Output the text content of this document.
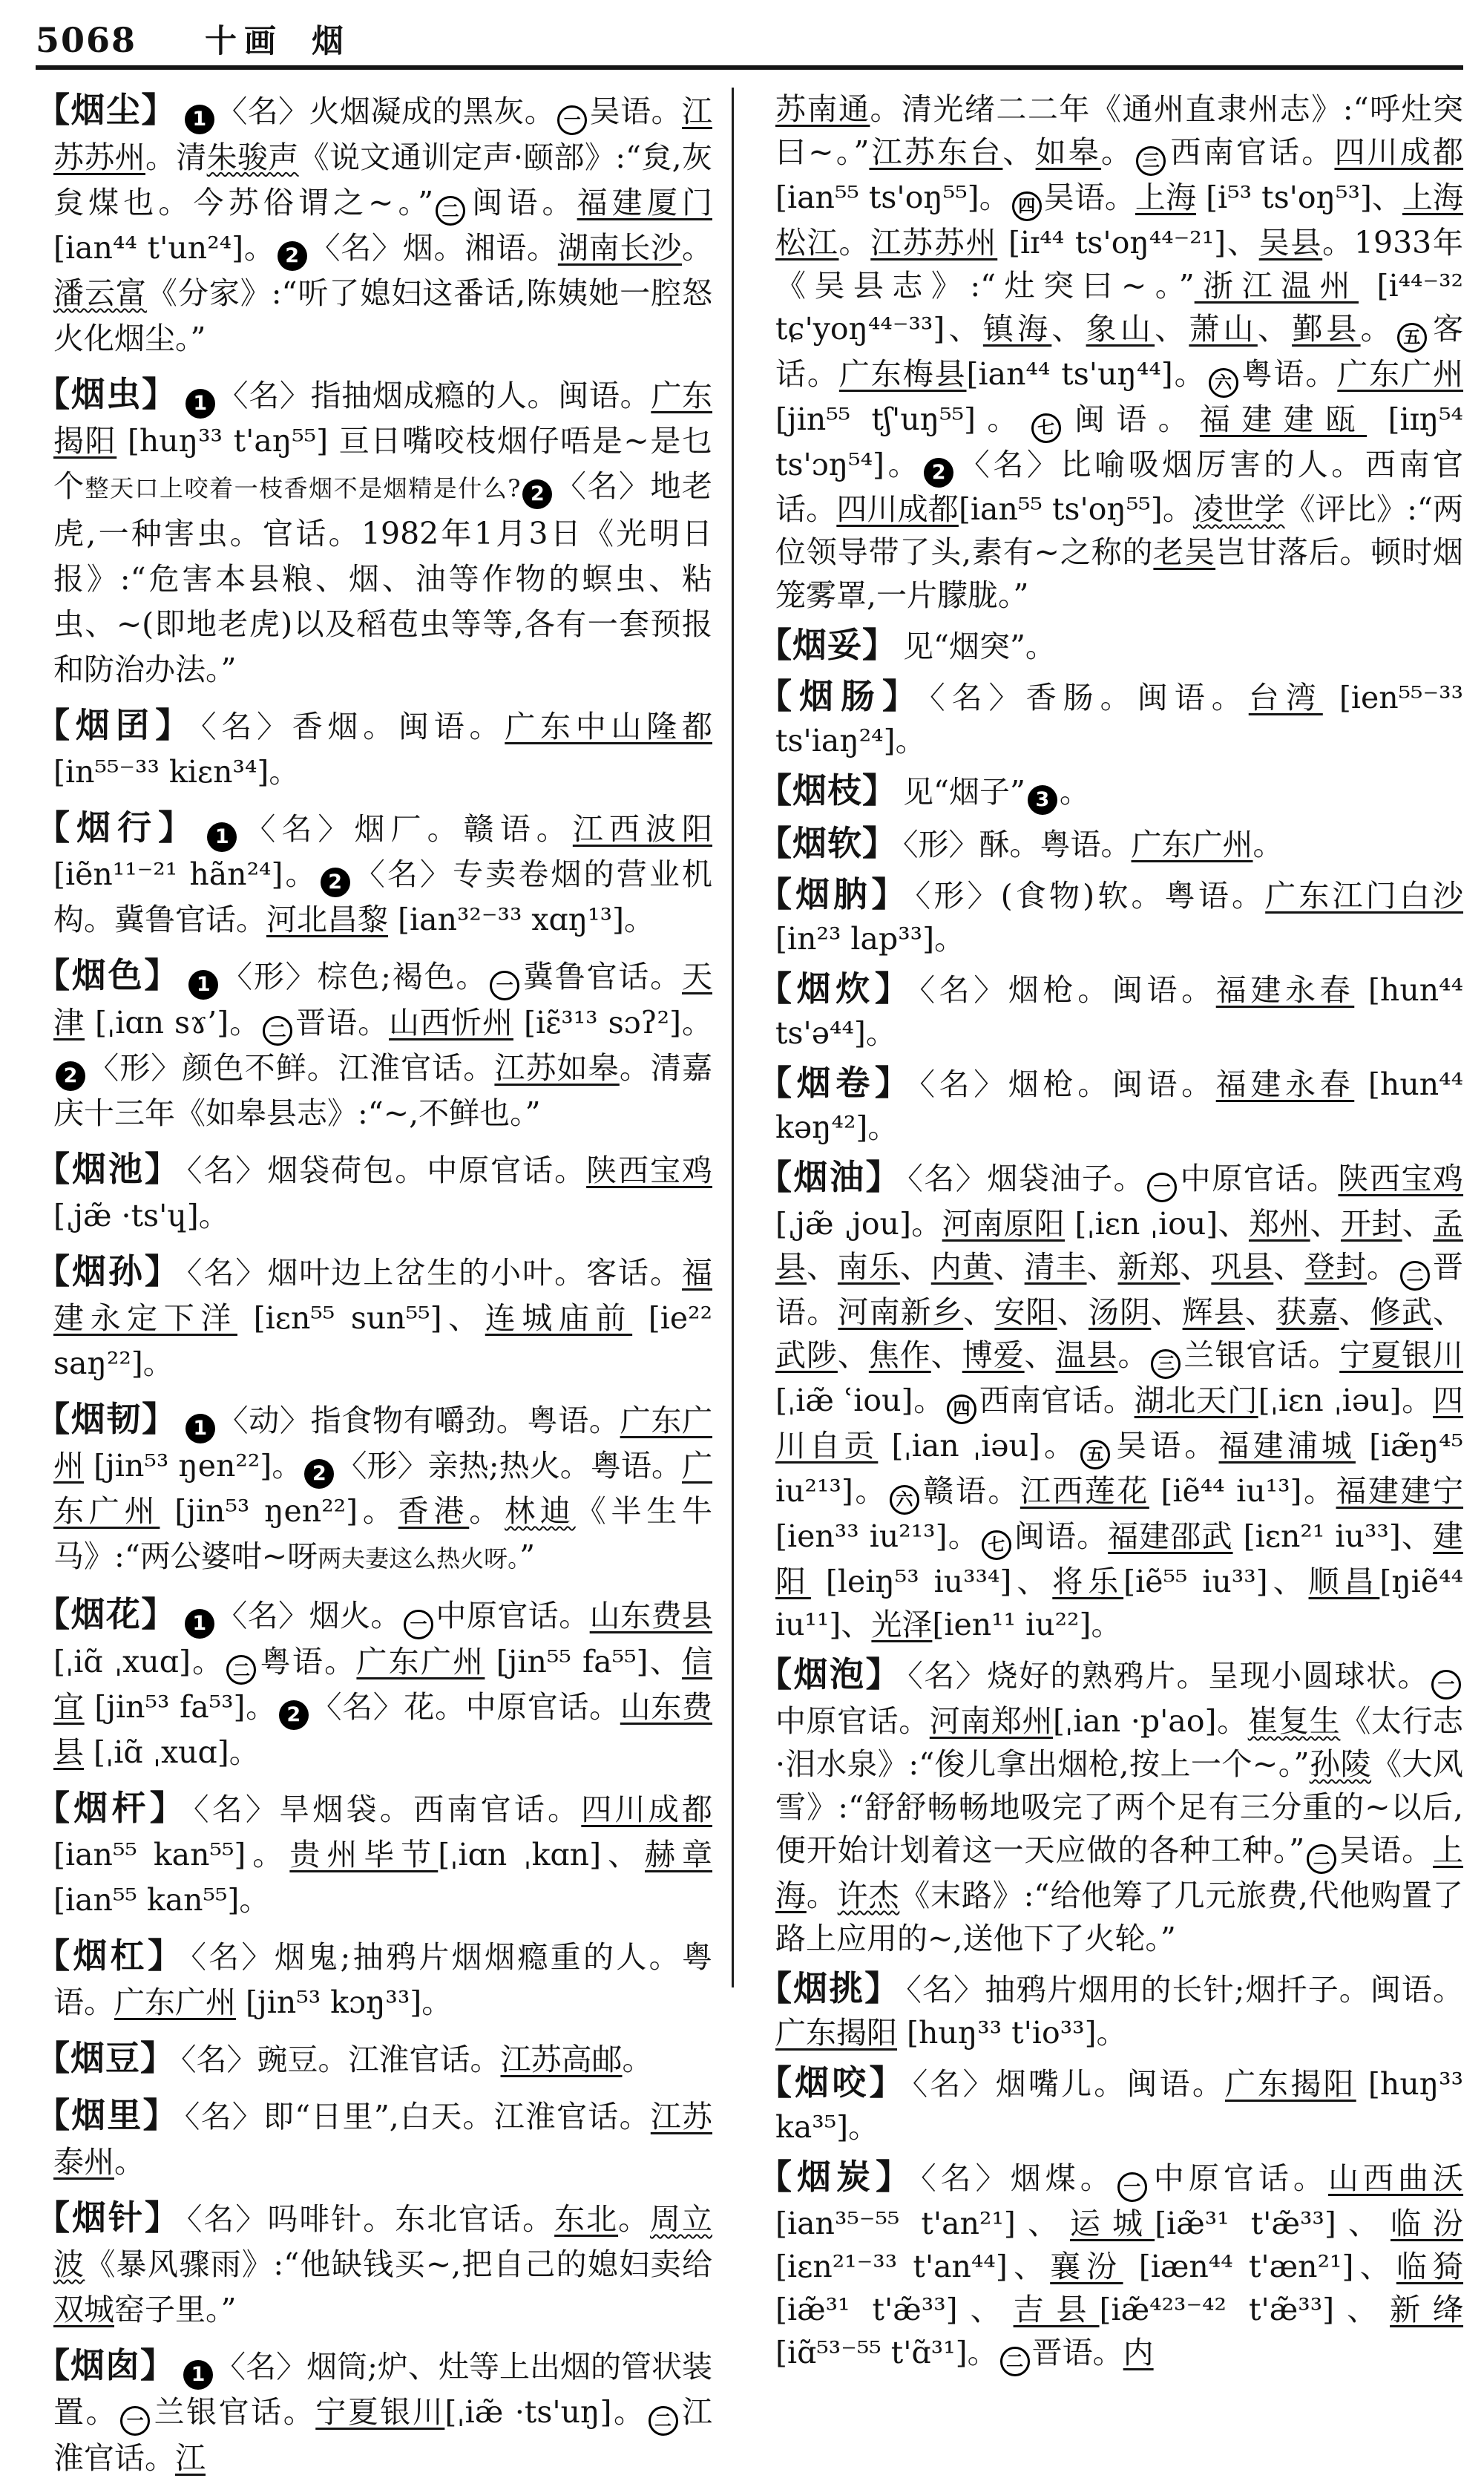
5068 十画 烟
【烟尘】 1 〈名〉火烟凝成的黑灰。 一 吴语。江苏苏州。清朱骏声《说文通训定声·颐部》:“炱,灰炱煤也。今苏俗谓之~。” 二 闽语。福建厦门 [ian⁴⁴ t'un²⁴]。 2 〈名〉烟。湘语。湖南长沙。潘云富《分家》:“听了媳妇这番话,陈姨她一腔怒火化烟尘。”
【烟虫】 1 〈名〉指抽烟成瘾的人。闽语。广东揭阳 [huŋ³³ t'aŋ⁵⁵] 亘日嘴咬枝烟仔唔是~是乜个整天口上咬着一枝香烟不是烟精是什么? 2 〈名〉地老虎,一种害虫。官话。1982年1月3日《光明日报》:“危害本县粮、烟、油等作物的螟虫、粘虫、~(即地老虎)以及稻苞虫等等,各有一套预报和防治办法。”
【烟囝】 〈名〉香烟。闽语。广东中山隆都 [in⁵⁵⁻³³ kiɛn³⁴]。
【烟行】 1 〈名〉烟厂。赣语。江西波阳 [iẽn¹¹⁻²¹ hãn²⁴]。 2 〈名〉专卖卷烟的营业机构。冀鲁官话。河北昌黎 [ian³²⁻³³ xɑŋ¹³]。
【烟色】 1 〈形〉棕色;褐色。 一 冀鲁官话。天津 [ˌiɑn sɤ’]。 二 晋语。山西忻州 [iɛ̃³¹³ sɔʔ²]。2 〈形〉颜色不鲜。江淮官话。江苏如皋。清嘉庆十三年《如皋县志》:“~,不鲜也。”
【烟池】 〈名〉烟袋荷包。中原官话。陕西宝鸡 [ˌjæ̃ ·ts'ɥ]。
【烟孙】 〈名〉烟叶边上岔生的小叶。客话。福建永定下洋 [iɛn⁵⁵ sun⁵⁵]、连城庙前 [ie²² saŋ²²]。
【烟韧】 1 〈动〉指食物有嚼劲。粤语。广东广州 [jin⁵³ ŋen²²]。 2 〈形〉亲热;热火。粤语。广东广州 [jin⁵³ ŋen²²]。香港。林迪《半生牛马》:“两公婆咁~呀两夫妻这么热火呀。”
【烟花】 1 〈名〉烟火。 一 中原官话。山东费县[ˌiɑ̃ ˌxuɑ]。 二 粤语。广东广州 [jin⁵⁵ fa⁵⁵]、信宜 [jin⁵³ fa⁵³]。 2 〈名〉花。中原官话。山东费县 [ˌiɑ̃ ˌxuɑ]。
【烟杆】 〈名〉旱烟袋。西南官话。四川成都 [ian⁵⁵ kan⁵⁵]。贵州毕节[ˌiɑn ˌkɑn]、赫章[ian⁵⁵ kan⁵⁵]。
【烟杠】 〈名〉烟鬼;抽鸦片烟烟瘾重的人。粤语。广东广州 [jin⁵³ kɔŋ³³]。
【烟豆】 〈名〉豌豆。江淮官话。江苏高邮。
【烟里】 〈名〉即“日里”,白天。江淮官话。江苏泰州。
【烟针】 〈名〉吗啡针。东北官话。东北。周立波《暴风骤雨》:“他缺钱买~,把自己的媳妇卖给双城窑子里。”
【烟囱】 1 〈名〉烟筒;炉、灶等上出烟的管状装置。 一 兰银官话。宁夏银川[ˌiæ̃ ·ts'uŋ]。 二 江淮官话。江
苏南通。清光绪二二年《通州直隶州志》:“呼灶突曰~。”江苏东台、如皋。 三 西南官话。四川成都[ian⁵⁵ ts'oŋ⁵⁵]。 四 吴语。上海 [i⁵³ ts'oŋ⁵³]、上海松江。江苏苏州 [iɪ⁴⁴ ts'oŋ⁴⁴⁻²¹]、吴县。1933年《吴县志》:“灶突曰~。”浙江温州 [i⁴⁴⁻³² tɕ'yoŋ⁴⁴⁻³³]、镇海、象山、萧山、鄞县。 五 客话。广东梅县[ian⁴⁴ ts'uŋ⁴⁴]。 六 粤语。广东广州 [jin⁵⁵ tʃ'uŋ⁵⁵]。 七 闽语。福建建瓯 [iɪŋ⁵⁴ ts'ɔŋ⁵⁴]。 2 〈名〉比喻吸烟厉害的人。西南官话。四川成都[ian⁵⁵ ts'oŋ⁵⁵]。凌世学《评比》:“两位领导带了头,素有~之称的老吴岂甘落后。顿时烟笼雾罩,一片朦胧。”
【烟妥】 见“烟突”。
【烟肠】 〈名〉香肠。闽语。台湾 [ien⁵⁵⁻³³ ts'iaŋ²⁴]。
【烟枝】 见“烟子” 3 。
【烟软】 〈形〉酥。粤语。广东广州。
【烟肭】 〈形〉(食物)软。粤语。广东江门白沙 [in²³ lap³³]。
【烟炊】 〈名〉烟枪。闽语。福建永春 [hun⁴⁴ ts'ə⁴⁴]。
【烟卷】 〈名〉烟枪。闽语。福建永春 [hun⁴⁴ kəŋ⁴²]。
【烟油】 〈名〉烟袋油子。 一 中原官话。陕西宝鸡 [ˌjæ̃ ˌjou]。河南原阳 [ˌiɛn ˌiou]、郑州、开封、孟县、南乐、内黄、清丰、新郑、巩县、登封。 二 晋语。河南新乡、安阳、汤阴、辉县、获嘉、修武、武陟、焦作、博爱、温县。 三 兰银官话。宁夏银川[ˌiæ̃ ʿiou]。 四 西南官话。湖北天门[ˌiɛn ˌiəu]。四川自贡 [ˌian ˌiəu]。 五 吴语。福建浦城 [iæ̃ŋ⁴⁵ iu²¹³]。 六 赣语。江西莲花 [iẽ⁴⁴ iu¹³]。福建建宁[ien³³ iu²¹³]。 七 闽语。福建邵武 [iɛn²¹ iu³³]、建阳 [leiŋ⁵³ iu³³⁴]、将乐[iẽ⁵⁵ iu³³]、顺昌[ŋiẽ⁴⁴ iu¹¹]、光泽[ien¹¹ iu²²]。
【烟泡】 〈名〉烧好的熟鸦片。呈现小圆球状。 一中原官话。河南郑州[ˌian ·p'ao]。崔复生《太行志·泪水泉》:“俊儿拿出烟枪,按上一个~。”孙陵《大风雪》:“舒舒畅畅地吸完了两个足有三分重的~以后,便开始计划着这一天应做的各种工种。” 二 吴语。上海。许杰《末路》:“给他筹了几元旅费,代他购置了路上应用的~,送他下了火轮。”
【烟挑】 〈名〉抽鸦片烟用的长针;烟扦子。闽语。广东揭阳 [huŋ³³ t'io³³]。
【烟咬】 〈名〉烟嘴儿。闽语。广东揭阳 [huŋ³³ ka³⁵]。
【烟炭】 〈名〉烟煤。 一 中原官话。山西曲沃 [ian³⁵⁻⁵⁵ t'an²¹]、运城[iæ̃³¹ t'æ̃³³]、临汾[iɛn²¹⁻³³ t'an⁴⁴]、襄汾 [iæn⁴⁴ t'æn²¹]、临猗 [iæ̃³¹ t'æ̃³³]、吉县[iæ̃⁴²³⁻⁴² t'æ̃³³]、新绛 [iɑ̃⁵³⁻⁵⁵ t'ɑ̃³¹]。 二 晋语。内
